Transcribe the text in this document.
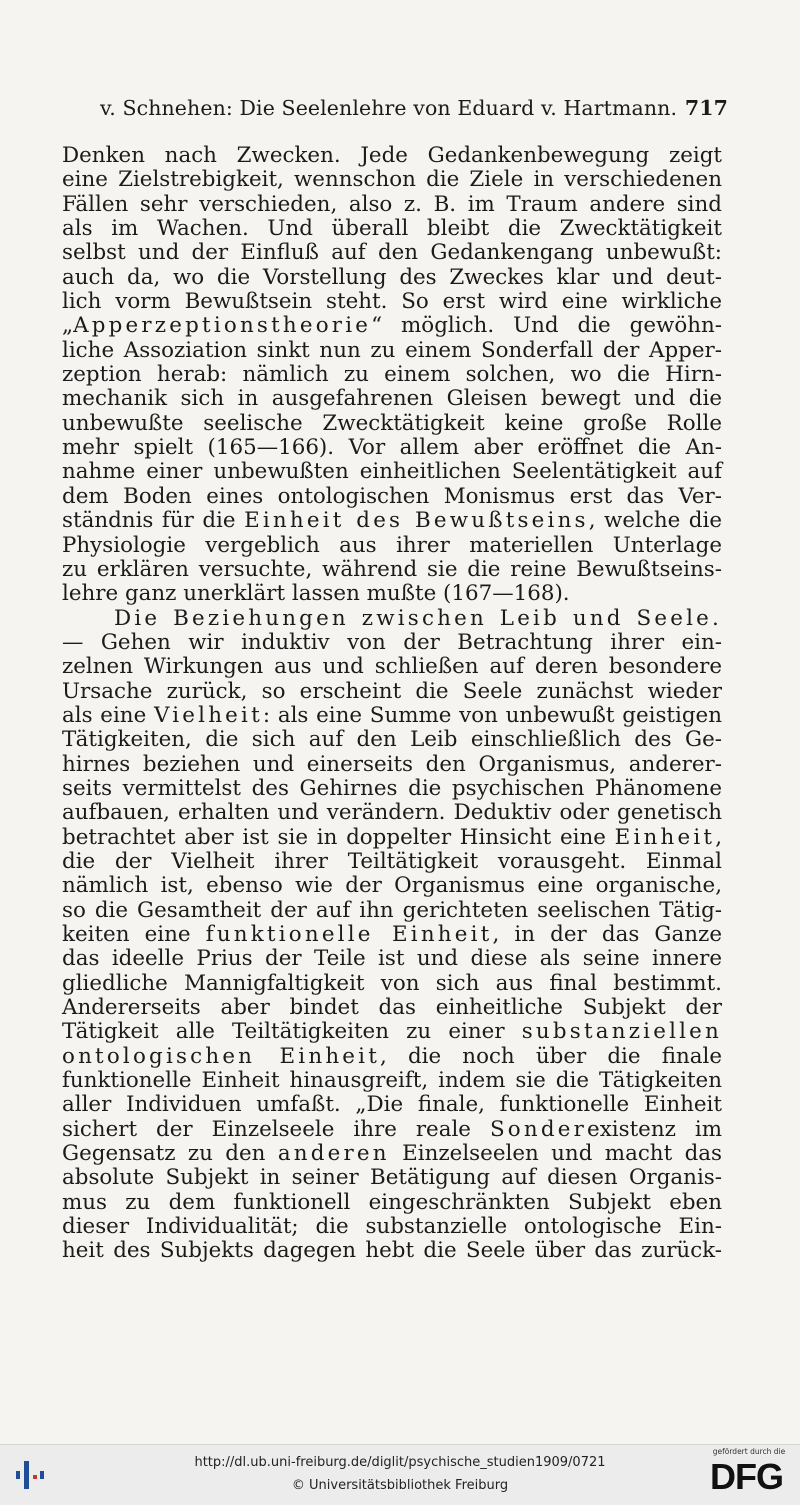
v. Schnehen: Die Seelenlehre von Eduard v. Hartmann. 717
Denken nach Zwecken. Jede Gedankenbewegung zeigt
eine Zielstrebigkeit, wennschon die Ziele in verschiedenen
Fällen sehr verschieden, also z. B. im Traum andere sind
als im Wachen. Und überall bleibt die Zwecktätigkeit
selbst und der Einfluß auf den Gedankengang unbewußt:
auch da, wo die Vorstellung des Zweckes klar und deut-
lich vorm Bewußtsein steht. So erst wird eine wirkliche
„Apperzeptionstheorie“ möglich. Und die gewöhn-
liche Assoziation sinkt nun zu einem Sonderfall der Apper-
zeption herab: nämlich zu einem solchen, wo die Hirn-
mechanik sich in ausgefahrenen Gleisen bewegt und die
unbewußte seelische Zwecktätigkeit keine große Rolle
mehr spielt (165—166). Vor allem aber eröffnet die An-
nahme einer unbewußten einheitlichen Seelentätigkeit auf
dem Boden eines ontologischen Monismus erst das Ver-
ständnis für die Einheit des Bewußtseins, welche die
Physiologie vergeblich aus ihrer materiellen Unterlage
zu erklären versuchte, während sie die reine Bewußtseins-
lehre ganz unerklärt lassen mußte (167—168).
Die Beziehungen zwischen Leib und Seele.
— Gehen wir induktiv von der Betrachtung ihrer ein-
zelnen Wirkungen aus und schließen auf deren besondere
Ursache zurück, so erscheint die Seele zunächst wieder
als eine Vielheit: als eine Summe von unbewußt geistigen
Tätigkeiten, die sich auf den Leib einschließlich des Ge-
hirnes beziehen und einerseits den Organismus, anderer-
seits vermittelst des Gehirnes die psychischen Phänomene
aufbauen, erhalten und verändern. Deduktiv oder genetisch
betrachtet aber ist sie in doppelter Hinsicht eine Einheit,
die der Vielheit ihrer Teiltätigkeit vorausgeht. Einmal
nämlich ist, ebenso wie der Organismus eine organische,
so die Gesamtheit der auf ihn gerichteten seelischen Tätig-
keiten eine funktionelle Einheit, in der das Ganze
das ideelle Prius der Teile ist und diese als seine innere
gliedliche Mannigfaltigkeit von sich aus final bestimmt.
Andererseits aber bindet das einheitliche Subjekt der
Tätigkeit alle Teiltätigkeiten zu einer substanziellen
ontologischen Einheit, die noch über die finale
funktionelle Einheit hinausgreift, indem sie die Tätigkeiten
aller Individuen umfaßt. „Die finale, funktionelle Einheit
sichert der Einzelseele ihre reale Sonderexistenz im
Gegensatz zu den anderen Einzelseelen und macht das
absolute Subjekt in seiner Betätigung auf diesen Organis-
mus zu dem funktionell eingeschränkten Subjekt eben
dieser Individualität; die substanzielle ontologische Ein-
heit des Subjekts dagegen hebt die Seele über das zurück-
http://dl.ub.uni-freiburg.de/diglit/psychische_studien1909/0721
© Universitätsbibliothek Freiburg
gefördert durch die
DFG
